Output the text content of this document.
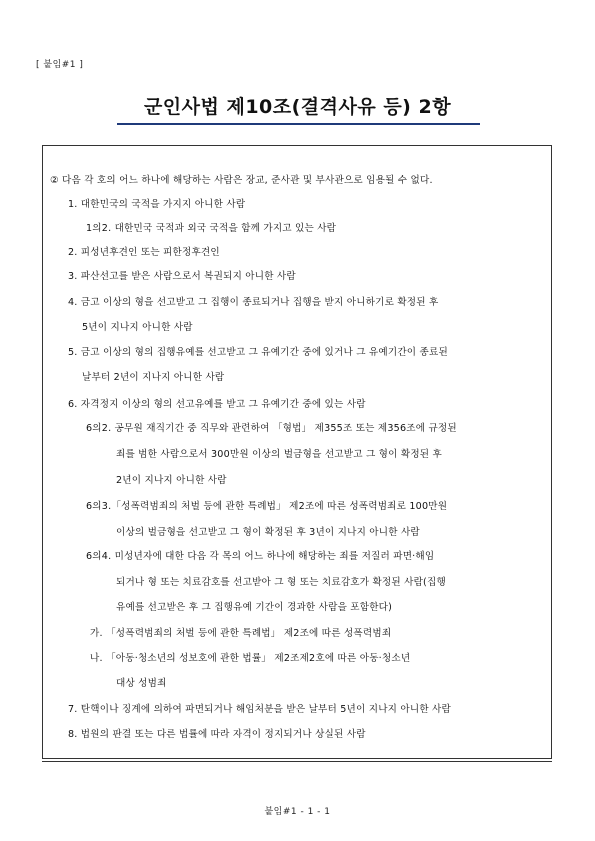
[ 붙임#1 ]
군인사법 제10조(결격사유 등) 2항
② 다음 각 호의 어느 하나에 해당하는 사람은 장교, 준사관 및 부사관으로 임용될 수 없다.
1. 대한민국의 국적을 가지지 아니한 사람
1의2. 대한민국 국적과 외국 국적을 함께 가지고 있는 사람
2. 피성년후견인 또는 피한정후견인
3. 파산선고를 받은 사람으로서 복권되지 아니한 사람
4. 금고 이상의 형을 선고받고 그 집행이 종료되거나 집행을 받지 아니하기로 확정된 후
5년이 지나지 아니한 사람
5. 금고 이상의 형의 집행유예를 선고받고 그 유예기간 중에 있거나 그 유예기간이 종료된
날부터 2년이 지나지 아니한 사람
6. 자격정지 이상의 형의 선고유예를 받고 그 유예기간 중에 있는 사람
6의2. 공무원 재직기간 중 직무와 관련하여 「형법」 제355조 또는 제356조에 규정된
죄를 범한 사람으로서 300만원 이상의 벌금형을 선고받고 그 형이 확정된 후
2년이 지나지 아니한 사람
6의3.「성폭력범죄의 처벌 등에 관한 특례법」 제2조에 따른 성폭력범죄로 100만원
이상의 벌금형을 선고받고 그 형이 확정된 후 3년이 지나지 아니한 사람
6의4. 미성년자에 대한 다음 각 목의 어느 하나에 해당하는 죄를 저질러 파면·해임
되거나 형 또는 치료감호를 선고받아 그 형 또는 치료감호가 확정된 사람(집행
유예를 선고받은 후 그 집행유예 기간이 경과한 사람을 포함한다)
가. 「성폭력범죄의 처벌 등에 관한 특례법」 제2조에 따른 성폭력범죄
나. 「아동·청소년의 성보호에 관한 법률」 제2조제2호에 따른 아동·청소년
대상 성범죄
7. 탄핵이나 징계에 의하여 파면되거나 해임처분을 받은 날부터 5년이 지나지 아니한 사람
8. 법원의 판결 또는 다른 법률에 따라 자격이 정지되거나 상실된 사람
붙임#1 - 1 - 1
